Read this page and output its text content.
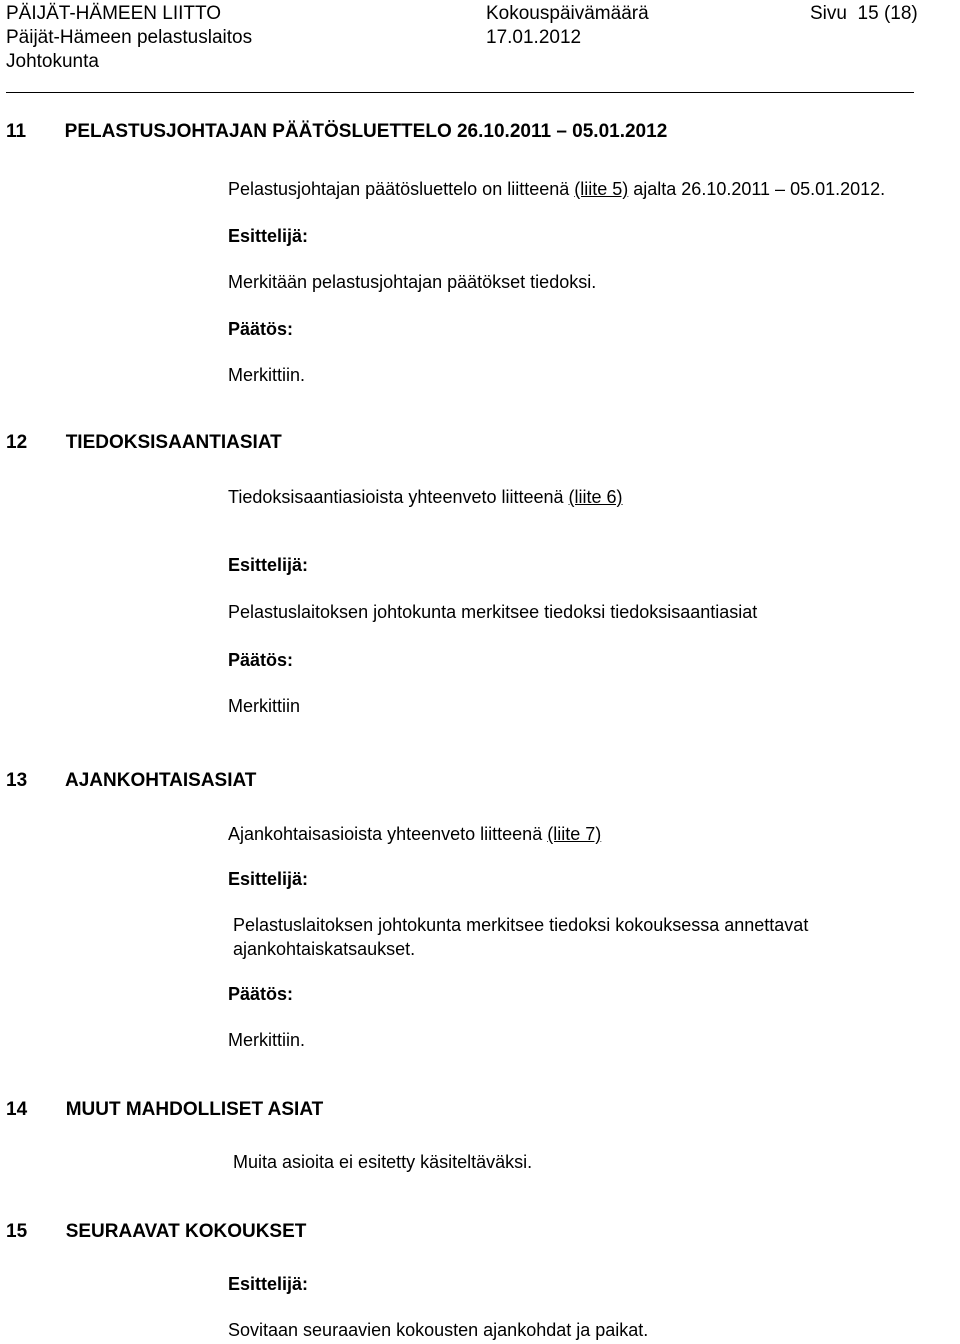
PÄIJÄT-HÄMEEN LIITTO
Päijät-Hämeen pelastuslaitos
Johtokunta
Kokouspäivämäärä
17.01.2012
Sivu 15 (18)
11 PELASTUSJOHTAJAN PÄÄTÖSLUETTELO 26.10.2011 – 05.01.2012
Pelastusjohtajan päätösluettelo on liitteenä (liite 5) ajalta 26.10.2011 – 05.01.2012.
Esittelijä:
Merkitään pelastusjohtajan päätökset tiedoksi.
Päätös:
Merkittiin.
12 TIEDOKSISAANTIASIAT
Tiedoksisaantiasioista yhteenveto liitteenä (liite 6)
Esittelijä:
Pelastuslaitoksen johtokunta merkitsee tiedoksi tiedoksisaantiasiat
Päätös:
Merkittiin
13 AJANKOHTAISASIAT
Ajankohtaisasioista yhteenveto liitteenä (liite 7)
Esittelijä:
Pelastuslaitoksen johtokunta merkitsee tiedoksi kokouksessa annettavat
ajankohtaiskatsaukset.
Päätös:
Merkittiin.
14 MUUT MAHDOLLISET ASIAT
Muita asioita ei esitetty käsiteltäväksi.
15 SEURAAVAT KOKOUKSET
Esittelijä:
Sovitaan seuraavien kokousten ajankohdat ja paikat.
